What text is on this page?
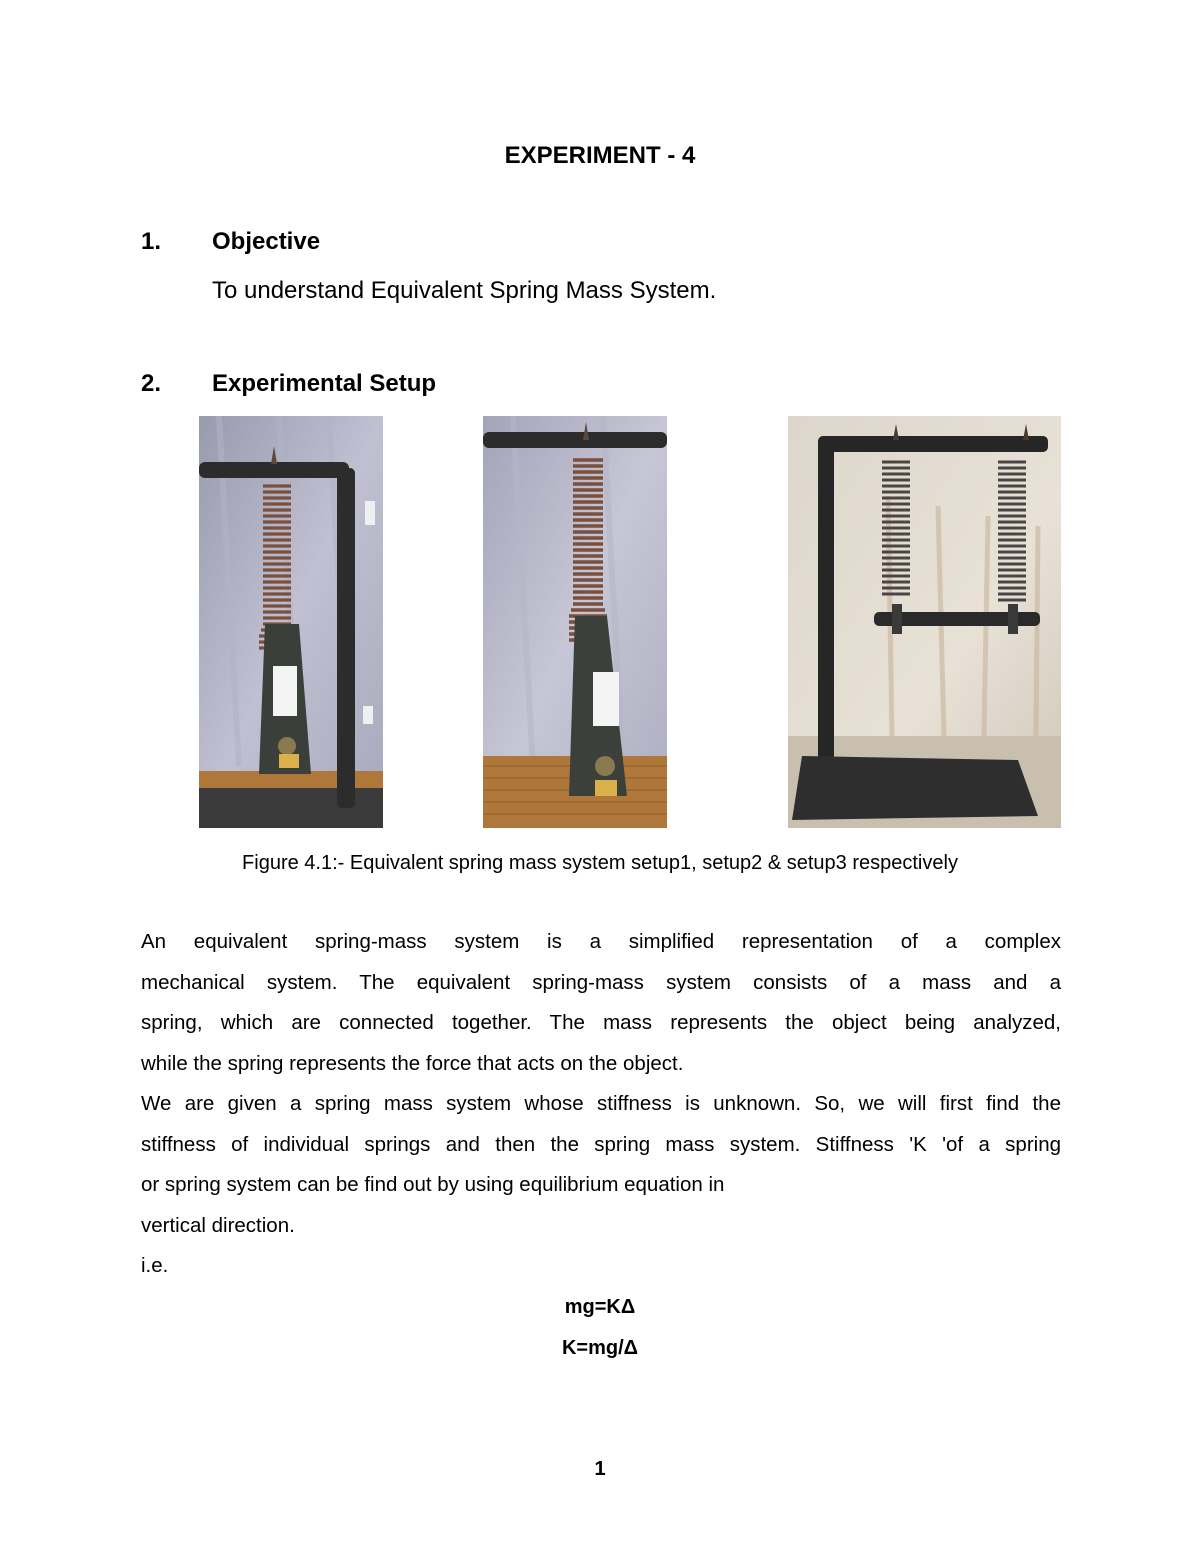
EXPERIMENT - 4
1. Objective
To understand Equivalent Spring Mass System.
2. Experimental Setup
Figure 4.1:- Equivalent spring mass system setup1, setup2 & setup3 respectively
An equivalent spring-mass system is a simplified representation of a complex
mechanical system. The equivalent spring-mass system consists of a mass and a
spring, which are connected together. The mass represents the object being analyzed,
while the spring represents the force that acts on the object.
We are given a spring mass system whose stiffness is unknown. So, we will first find the
stiffness of individual springs and then the spring mass system. Stiffness 'K 'of a spring
or spring system can be find out by using equilibrium equation in
vertical direction.
i.e.
mg=KΔ
K=mg/Δ
1
